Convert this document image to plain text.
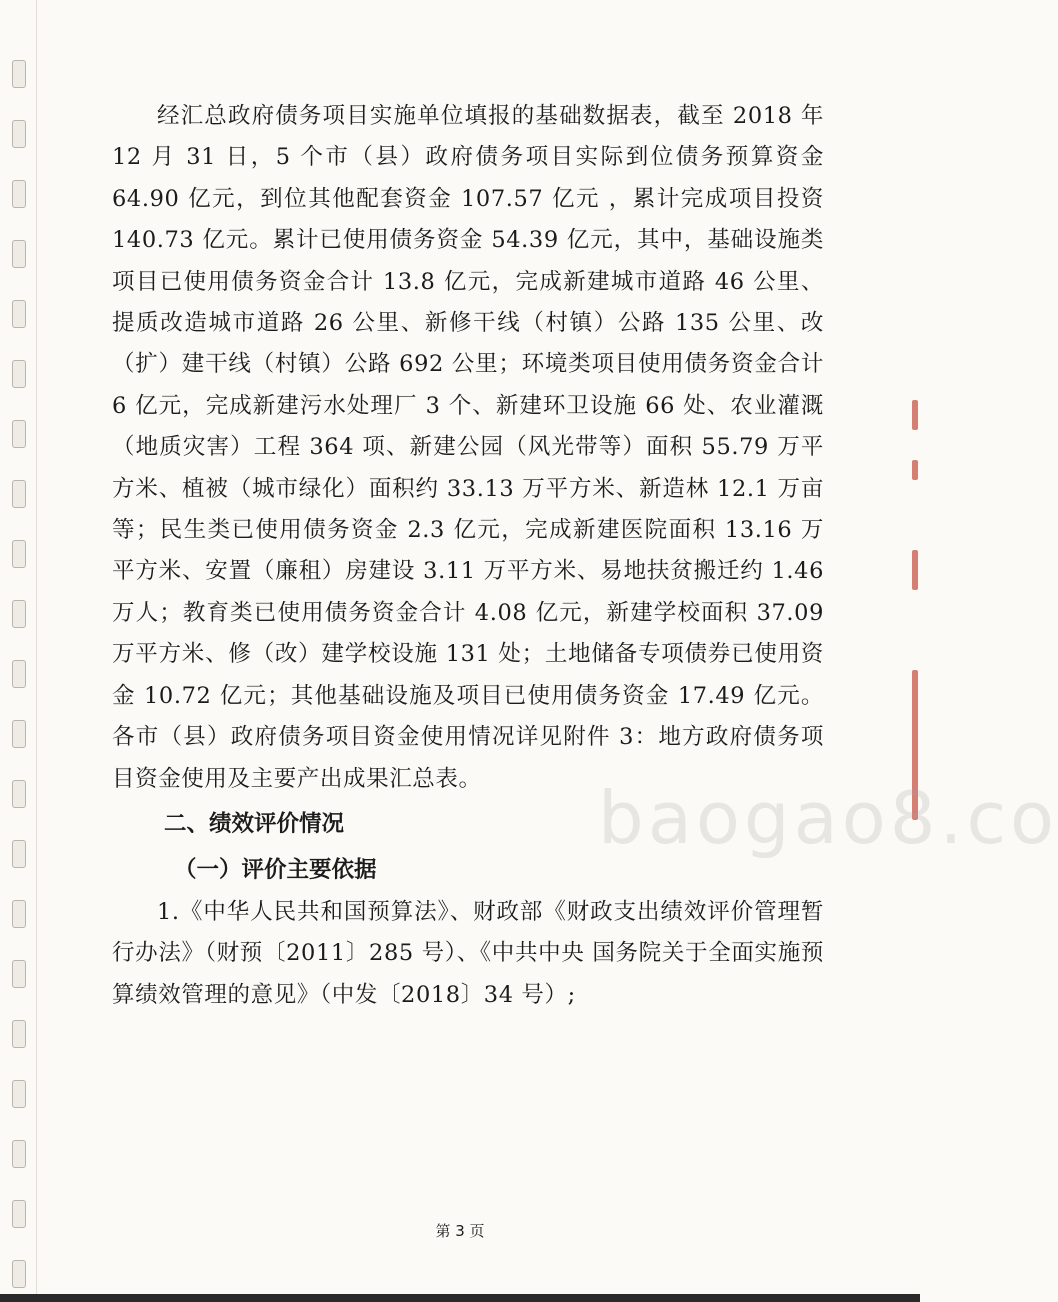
baogao8.co

经汇总政府债务项目实施单位填报的基础数据表，截至 2018 年 12 月 31 日，5 个市（县）政府债务项目实际到位债务预算资金 64.90 亿元，到位其他配套资金 107.57 亿元 ，累计完成项目投资 140.73 亿元。累计已使用债务资金 54.39 亿元，其中，基础设施类项目已使用债务资金合计 13.8 亿元，完成新建城市道路 46 公里、提质改造城市道路 26 公里、新修干线（村镇）公路 135 公里、改（扩）建干线（村镇）公路 692 公里；环境类项目使用债务资金合计 6 亿元，完成新建污水处理厂 3 个、新建环卫设施 66 处、农业灌溉（地质灾害）工程 364 项、新建公园（风光带等）面积 55.79 万平方米、植被（城市绿化）面积约 33.13 万平方米、新造林 12.1 万亩等；民生类已使用债务资金 2.3 亿元，完成新建医院面积 13.16 万平方米、安置（廉租）房建设 3.11 万平方米、易地扶贫搬迁约 1.46 万人；教育类已使用债务资金合计 4.08 亿元，新建学校面积 37.09 万平方米、修（改）建学校设施 131 处；土地储备专项债券已使用资金 10.72 亿元；其他基础设施及项目已使用债务资金 17.49 亿元。各市（县）政府债务项目资金使用情况详见附件 3：地方政府债务项目资金使用及主要产出成果汇总表。

二、绩效评价情况
（一）评价主要依据

1.《中华人民共和国预算法》、财政部《财政支出绩效评价管理暂行办法》（财预〔2011〕285 号）、《中共中央 国务院关于全面实施预算绩效管理的意见》（中发〔2018〕34 号）;

第 3 页
